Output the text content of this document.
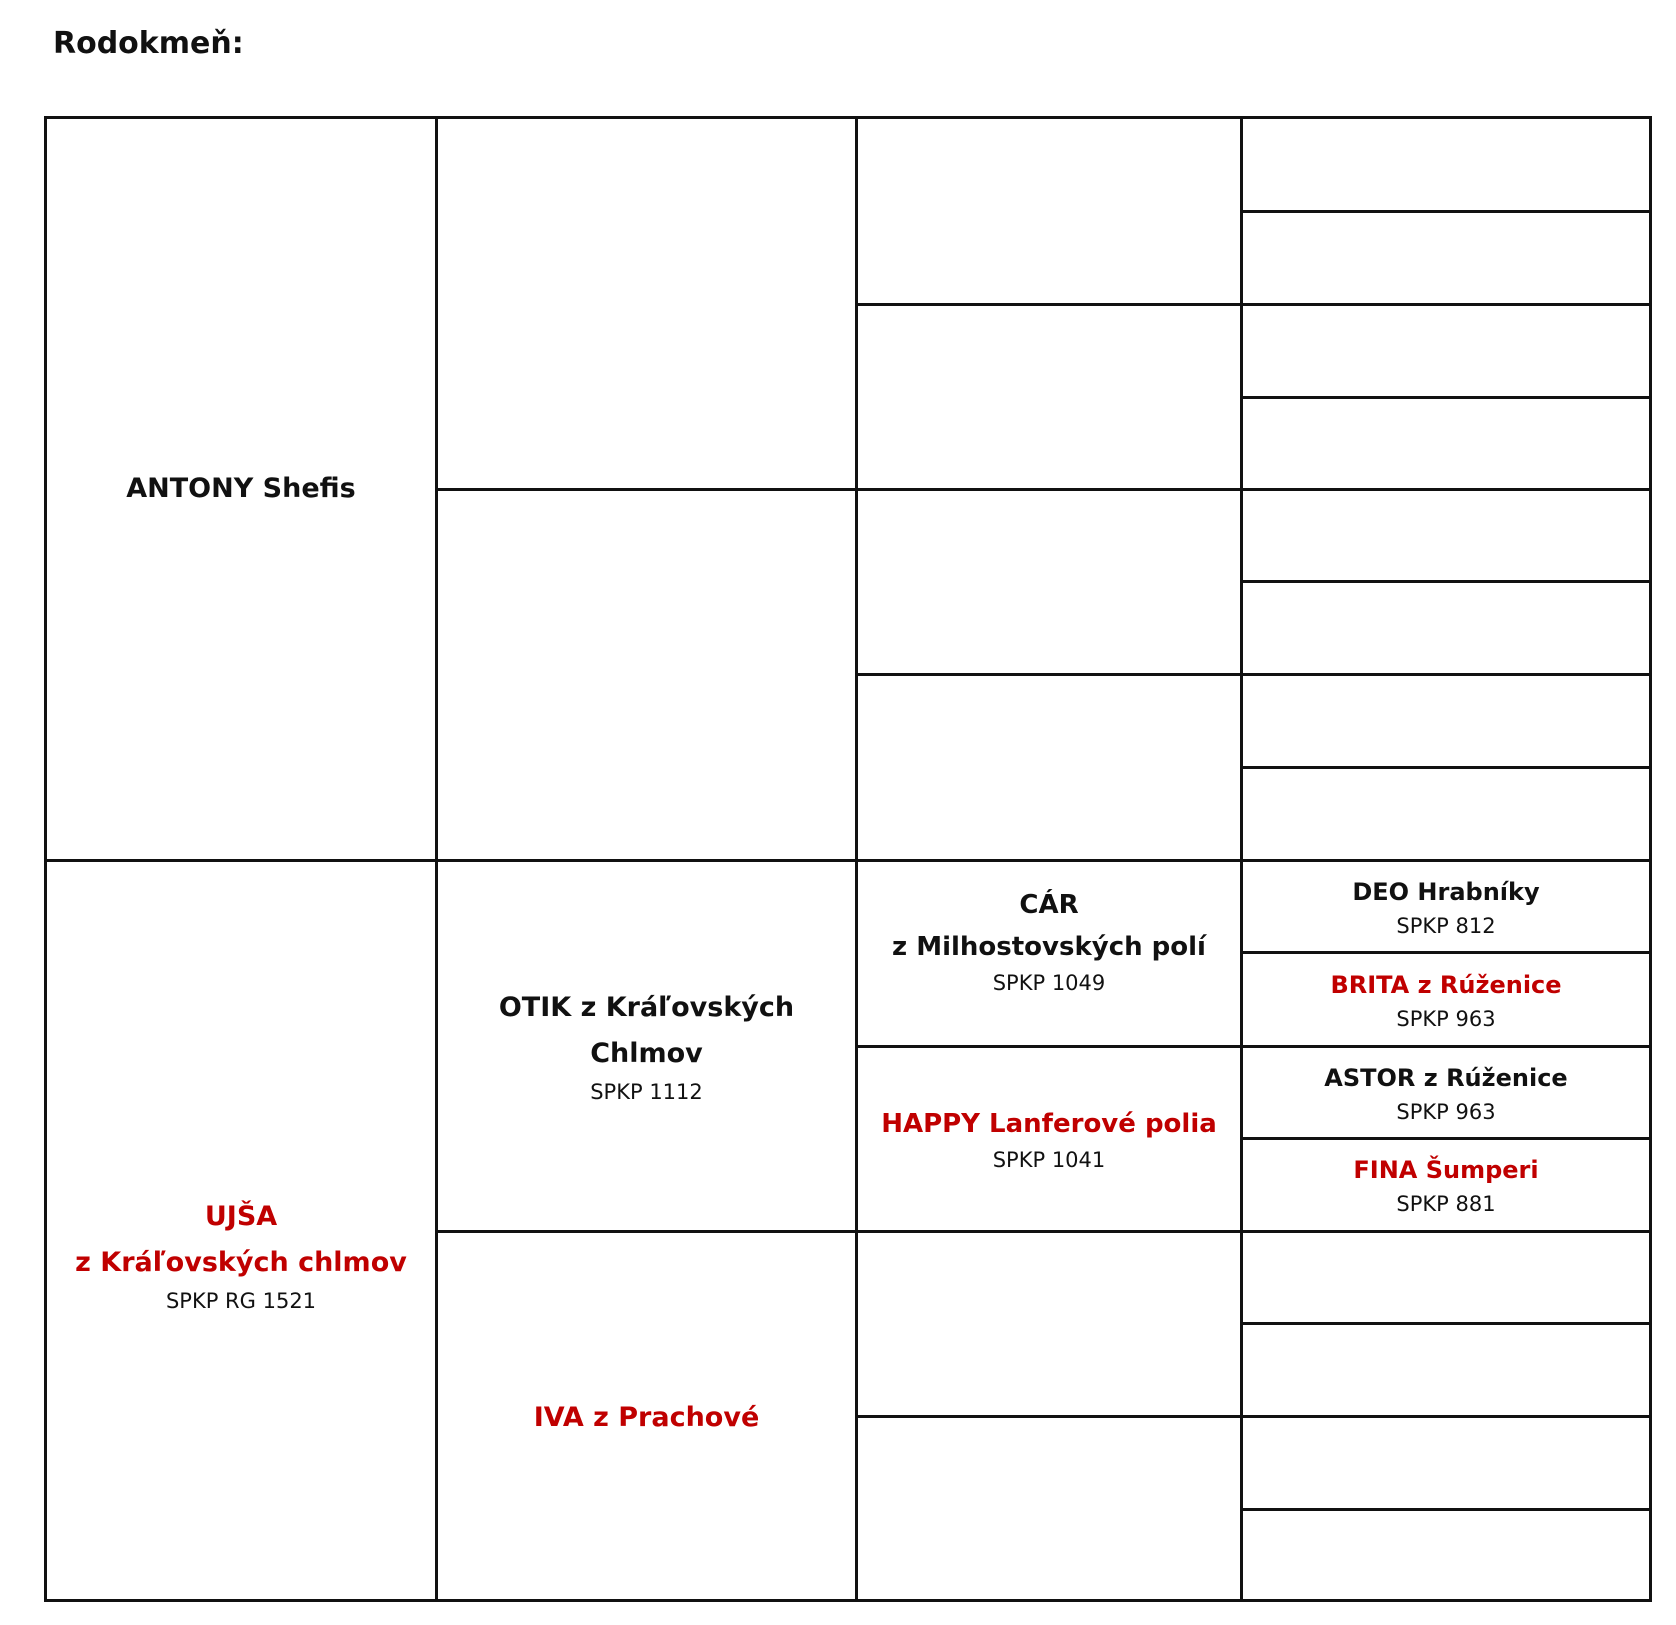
Rodokmeň:
ANTONY Shefis
UJŠA
z Kráľovských chlmov
SPKP RG 1521
OTIK z Kráľovských Chlmov
SPKP 1112
IVA z Prachové
CÁR
z Milhostovských polí
SPKP 1049
HAPPY Lanferové polia
SPKP 1041
DEO Hrabníky
SPKP 812
BRITA z Rúženice
SPKP 963
ASTOR z Rúženice
SPKP 963
FINA Šumperi
SPKP 881
